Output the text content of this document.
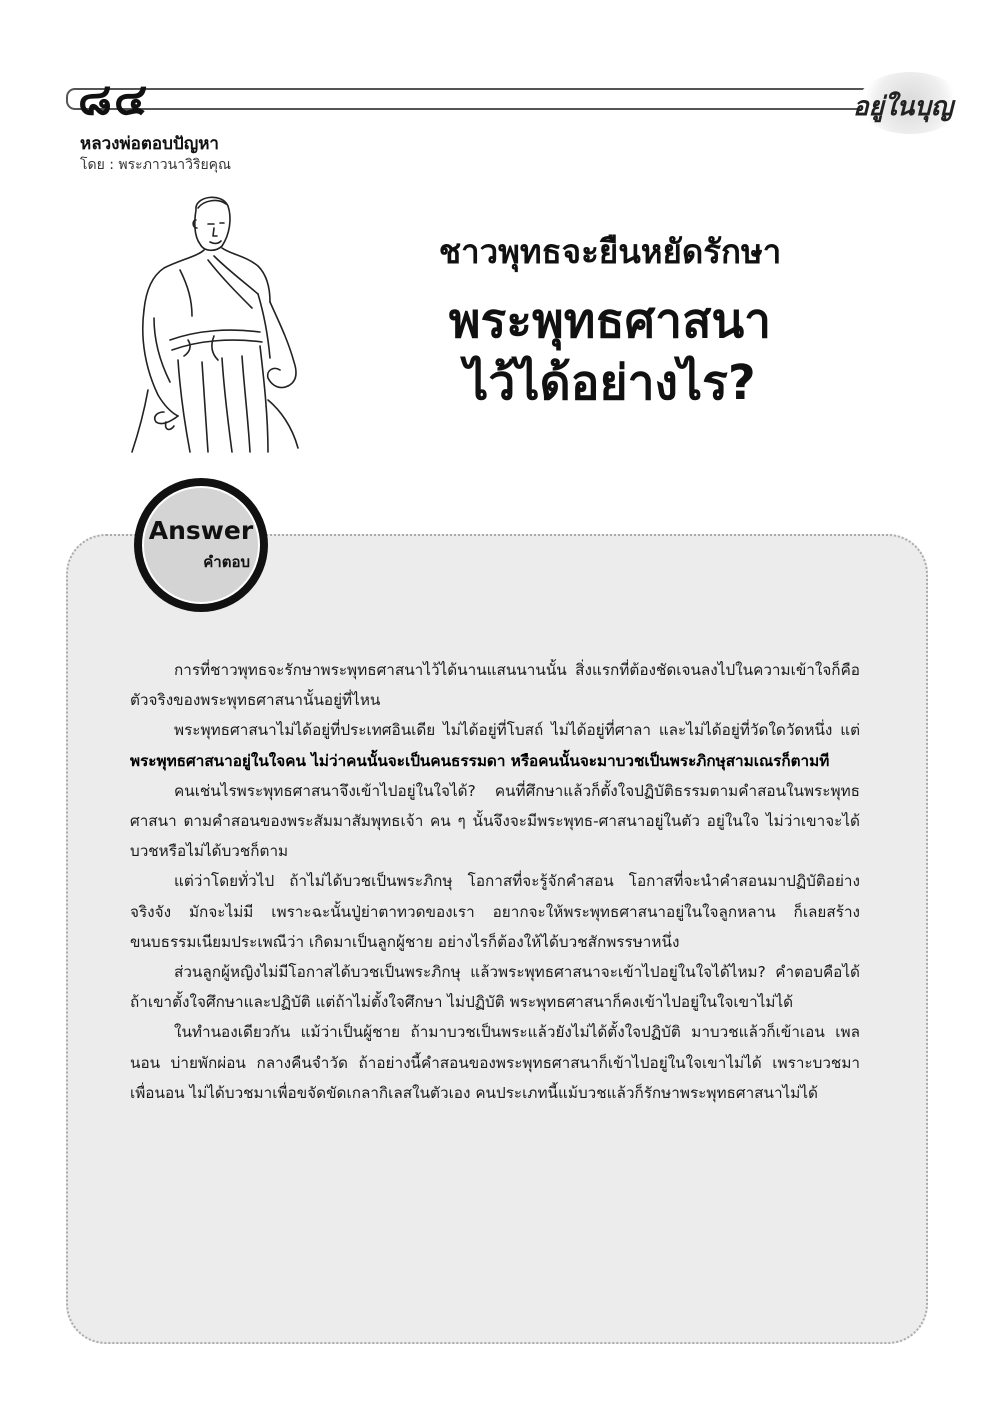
๘๔	อยู่ในบุญ
หลวงพ่อตอบปัญหา
โดย : พระภาวนาวิริยคุณ
ชาวพุทธจะยืนหยัดรักษา
พระพุทธศาสนา
ไว้ได้อย่างไร?
Answer
คำตอบ

การที่ชาวพุทธจะรักษาพระพุทธศาสนาไว้ได้นานแสนนานนั้น สิ่งแรกที่ต้องชัดเจนลงไปในความเข้าใจก็คือ ตัวจริงของพระพุทธศาสนานั้นอยู่ที่ไหน

พระพุทธศาสนาไม่ได้อยู่ที่ประเทศอินเดีย ไม่ได้อยู่ที่โบสถ์ ไม่ได้อยู่ที่ศาลา และไม่ได้อยู่ที่วัดใดวัดหนึ่ง แต่พระพุทธศาสนาอยู่ในใจคน ไม่ว่าคนนั้นจะเป็นคนธรรมดา หรือคนนั้นจะมาบวชเป็นพระภิกษุสามเณรก็ตามที

คนเช่นไรพระพุทธศาสนาจึงเข้าไปอยู่ในใจได้? คนที่ศึกษาแล้วก็ตั้งใจปฏิบัติธรรมตามคำสอนในพระพุทธศาสนา ตามคำสอนของพระสัมมาสัมพุทธเจ้า คน ๆ นั้นจึงจะมีพระพุทธ-ศาสนาอยู่ในตัว อยู่ในใจ ไม่ว่าเขาจะได้บวชหรือไม่ได้บวชก็ตาม

แต่ว่าโดยทั่วไป ถ้าไม่ได้บวชเป็นพระภิกษุ โอกาสที่จะรู้จักคำสอน โอกาสที่จะนำคำสอนมาปฏิบัติอย่างจริงจัง มักจะไม่มี เพราะฉะนั้นปู่ย่าตาทวดของเรา อยากจะให้พระพุทธศาสนาอยู่ในใจลูกหลาน ก็เลยสร้างขนบธรรมเนียมประเพณีว่า เกิดมาเป็นลูกผู้ชาย อย่างไรก็ต้องให้ได้บวชสักพรรษาหนึ่ง

ส่วนลูกผู้หญิงไม่มีโอกาสได้บวชเป็นพระภิกษุ แล้วพระพุทธศาสนาจะเข้าไปอยู่ในใจได้ไหม? คำตอบคือได้ ถ้าเขาตั้งใจศึกษาและปฏิบัติ แต่ถ้าไม่ตั้งใจศึกษา ไม่ปฏิบัติ พระพุทธศาสนาก็คงเข้าไปอยู่ในใจเขาไม่ได้

ในทำนองเดียวกัน แม้ว่าเป็นผู้ชาย ถ้ามาบวชเป็นพระแล้วยังไม่ได้ตั้งใจปฏิบัติ มาบวชแล้วก็เข้าเอน เพลนอน บ่ายพักผ่อน กลางคืนจำวัด ถ้าอย่างนี้คำสอนของพระพุทธศาสนาก็เข้าไปอยู่ในใจเขาไม่ได้ เพราะบวชมาเพื่อนอน ไม่ได้บวชมาเพื่อขจัดขัดเกลากิเลสในตัวเอง คนประเภทนี้แม้บวชแล้วก็รักษาพระพุทธศาสนาไม่ได้
